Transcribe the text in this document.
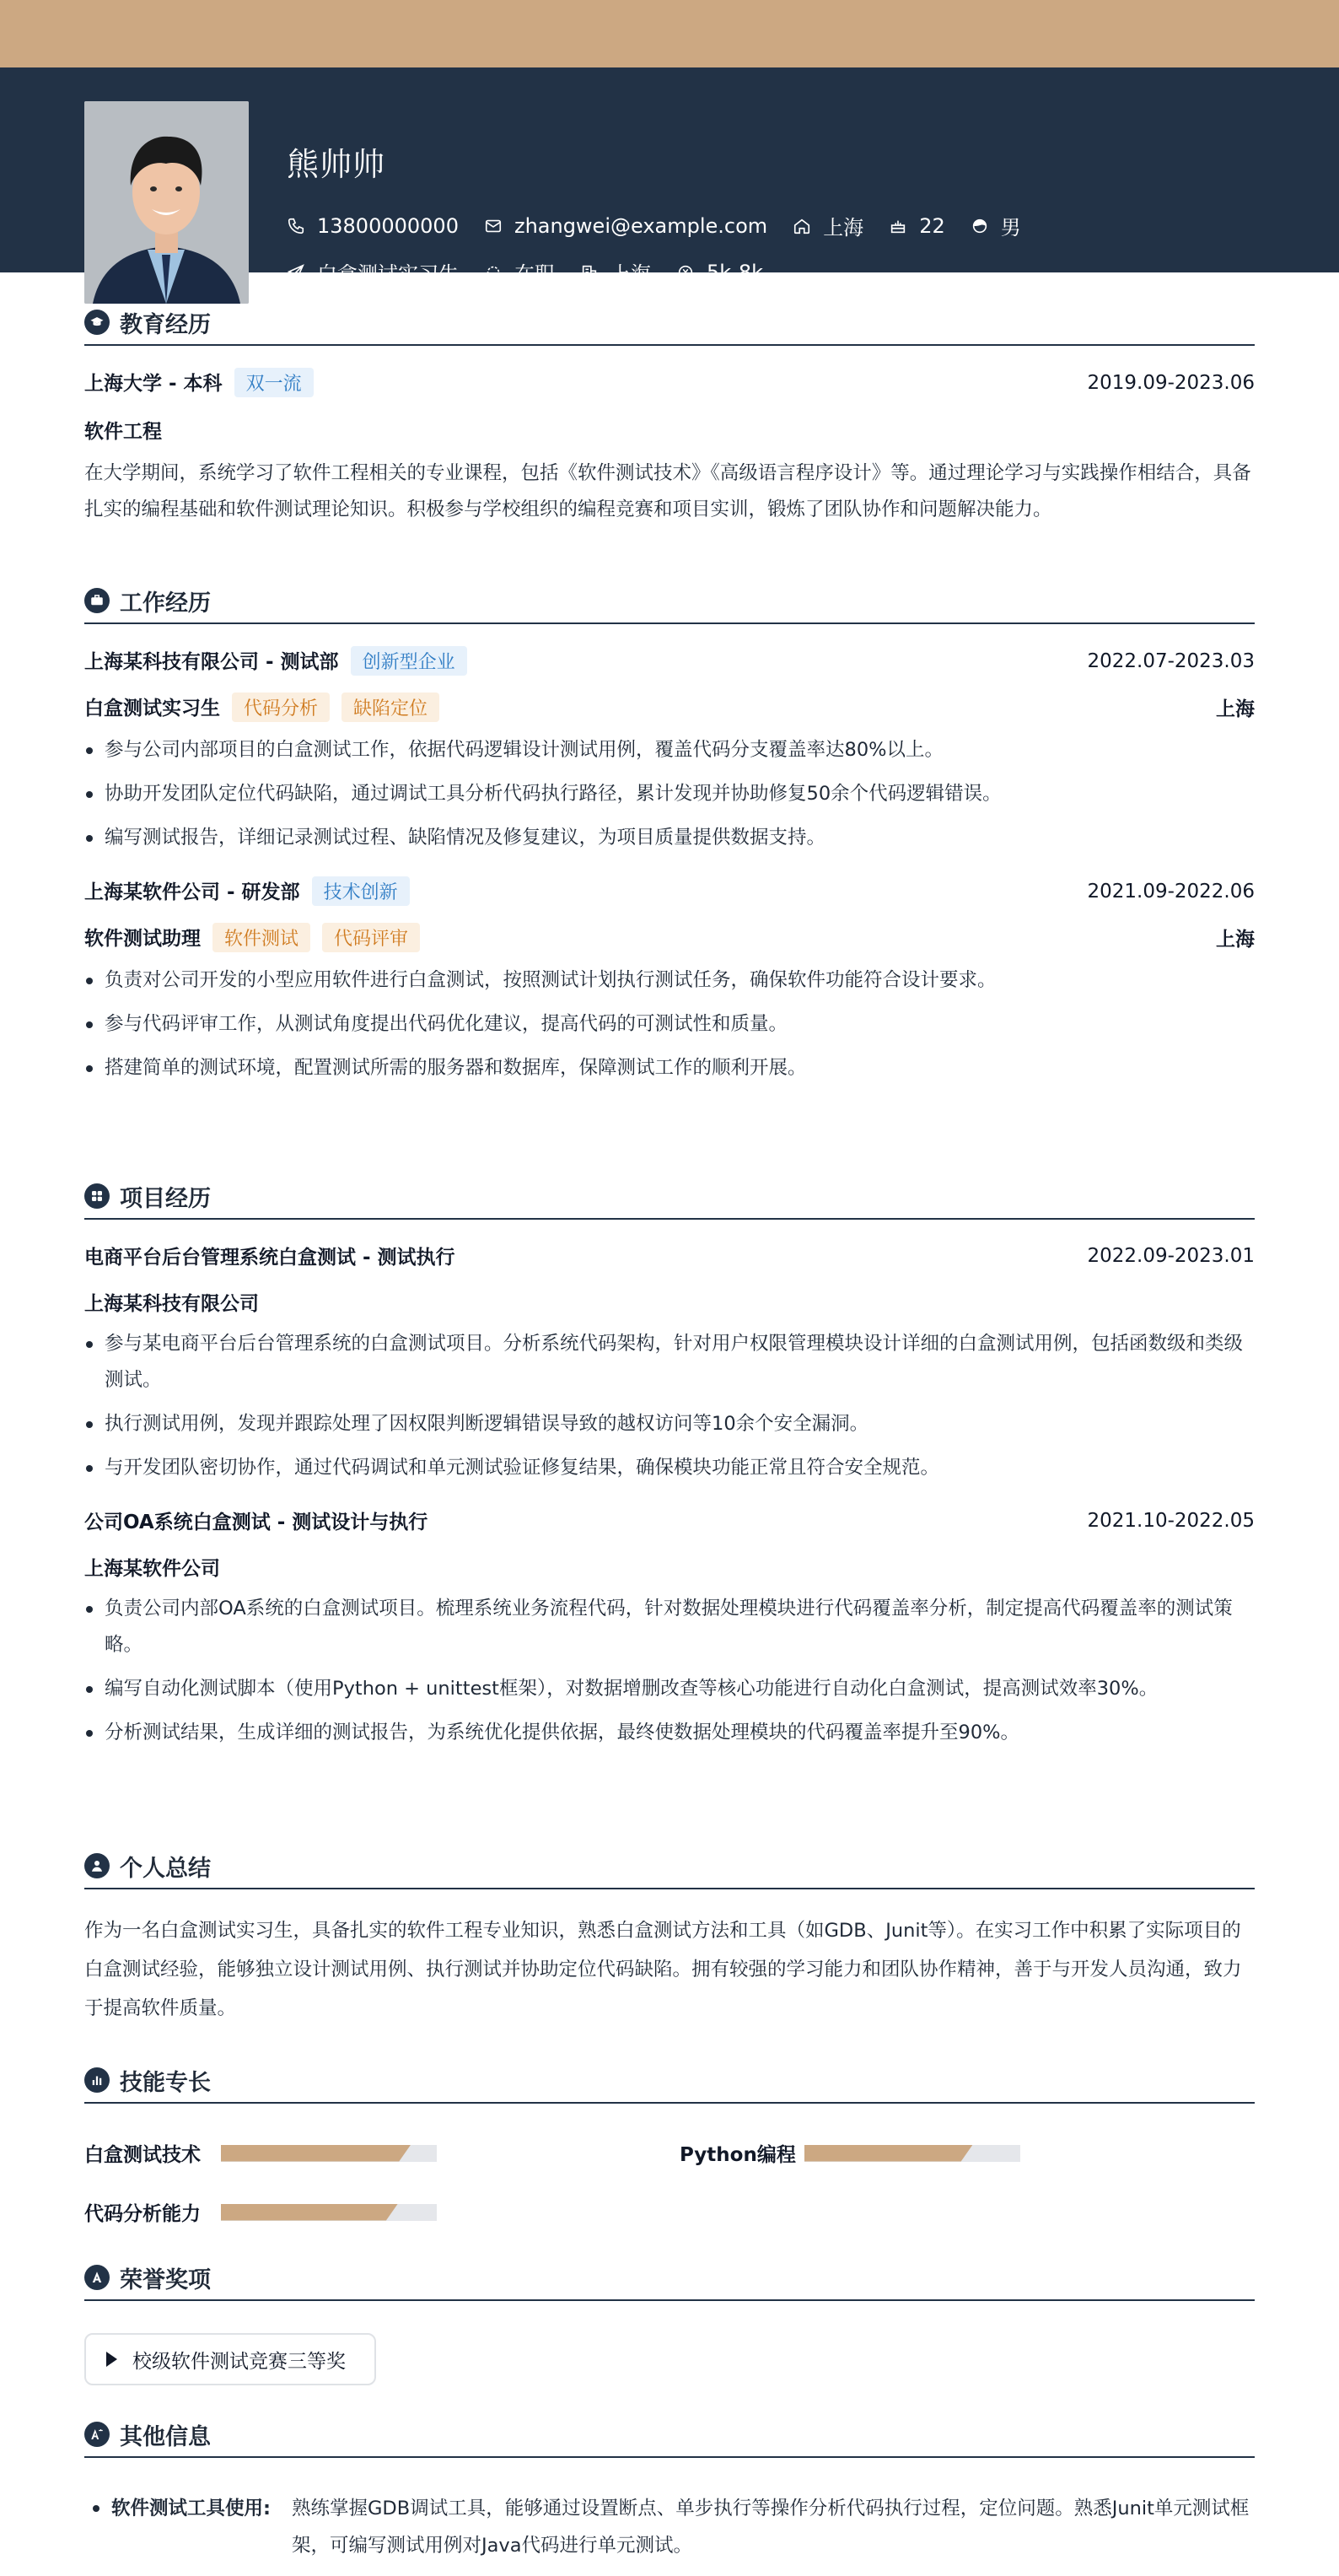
熊帅帅
13800000000	zhangwei@example.com	上海	22	男
白盒测试实习生	在职	上海	5k-8k
教育经历
上海大学 - 本科 双一流	2019.09-2023.06
软件工程
在大学期间，系统学习了软件工程相关的专业课程，包括《软件测试技术》《高级语言程序设计》等。通过理论学习与实践操作相结合，具备扎实的编程基础和软件测试理论知识。积极参与学校组织的编程竞赛和项目实训，锻炼了团队协作和问题解决能力。
工作经历
上海某科技有限公司 - 测试部 创新型企业	2022.07-2023.03
白盒测试实习生 代码分析 缺陷定位	上海
参与公司内部项目的白盒测试工作，依据代码逻辑设计测试用例，覆盖代码分支覆盖率达80%以上。
协助开发团队定位代码缺陷，通过调试工具分析代码执行路径，累计发现并协助修复50余个代码逻辑错误。
编写测试报告，详细记录测试过程、缺陷情况及修复建议，为项目质量提供数据支持。
上海某软件公司 - 研发部 技术创新	2021.09-2022.06
软件测试助理 软件测试 代码评审	上海
负责对公司开发的小型应用软件进行白盒测试，按照测试计划执行测试任务，确保软件功能符合设计要求。
参与代码评审工作，从测试角度提出代码优化建议，提高代码的可测试性和质量。
搭建简单的测试环境，配置测试所需的服务器和数据库，保障测试工作的顺利开展。
项目经历
电商平台后台管理系统白盒测试 - 测试执行	2022.09-2023.01
上海某科技有限公司
参与某电商平台后台管理系统的白盒测试项目。分析系统代码架构，针对用户权限管理模块设计详细的白盒测试用例，包括函数级和类级测试。
执行测试用例，发现并跟踪处理了因权限判断逻辑错误导致的越权访问等10余个安全漏洞。
与开发团队密切协作，通过代码调试和单元测试验证修复结果，确保模块功能正常且符合安全规范。
公司OA系统白盒测试 - 测试设计与执行	2021.10-2022.05
上海某软件公司
负责公司内部OA系统的白盒测试项目。梳理系统业务流程代码，针对数据处理模块进行代码覆盖率分析，制定提高代码覆盖率的测试策略。
编写自动化测试脚本（使用Python + unittest框架），对数据增删改查等核心功能进行自动化白盒测试，提高测试效率30%。
分析测试结果，生成详细的测试报告，为系统优化提供依据，最终使数据处理模块的代码覆盖率提升至90%。
个人总结
作为一名白盒测试实习生，具备扎实的软件工程专业知识，熟悉白盒测试方法和工具（如GDB、Junit等）。在实习工作中积累了实际项目的白盒测试经验，能够独立设计测试用例、执行测试并协助定位代码缺陷。拥有较强的学习能力和团队协作精神，善于与开发人员沟通，致力于提高软件质量。
技能专长
白盒测试技术	Python编程
代码分析能力
荣誉奖项
校级软件测试竞赛三等奖
其他信息
软件测试工具使用: 熟练掌握GDB调试工具，能够通过设置断点、单步执行等操作分析代码执行过程，定位问题。熟悉Junit单元测试框架，可编写测试用例对Java代码进行单元测试。
